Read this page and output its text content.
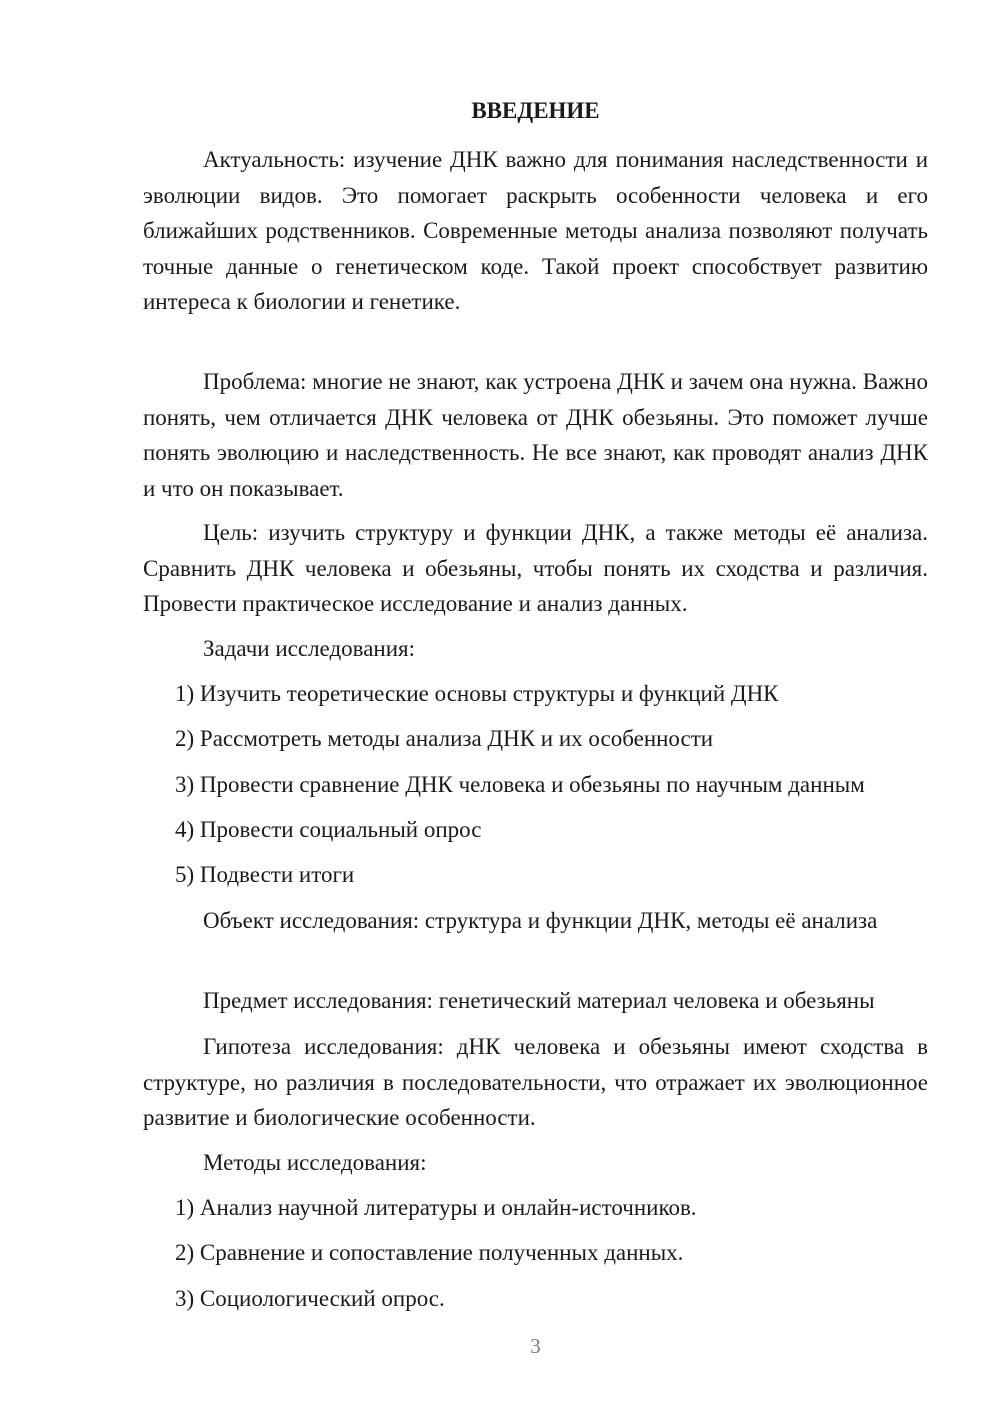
ВВЕДЕНИЕ

Актуальность: изучение ДНК важно для понимания наследственности и эволюции видов. Это помогает раскрыть особенности человека и его ближайших родственников. Современные методы анализа позволяют получать точные данные о генетическом коде. Такой проект способствует развитию интереса к биологии и генетике.

Проблема: многие не знают, как устроена ДНК и зачем она нужна. Важно понять, чем отличается ДНК человека от ДНК обезьяны. Это поможет лучше понять эволюцию и наследственность. Не все знают, как проводят анализ ДНК и что он показывает.

Цель: изучить структуру и функции ДНК, а также методы её анализа. Сравнить ДНК человека и обезьяны, чтобы понять их сходства и различия. Провести практическое исследование и анализ данных.

Задачи исследования:

1) Изучить теоретические основы структуры и функций ДНК

2) Рассмотреть методы анализа ДНК и их особенности

3) Провести сравнение ДНК человека и обезьяны по научным данным

4) Провести социальный опрос

5) Подвести итоги

Объект исследования: структура и функции ДНК, методы её анализа

Предмет исследования: генетический материал человека и обезьяны

Гипотеза исследования: дНК человека и обезьяны имеют сходства в структуре, но различия в последовательности, что отражает их эволюционное развитие и биологические особенности.

Методы исследования:

1) Анализ научной литературы и онлайн-источников.

2) Сравнение и сопоставление полученных данных.

3) Социологический опрос.

3
